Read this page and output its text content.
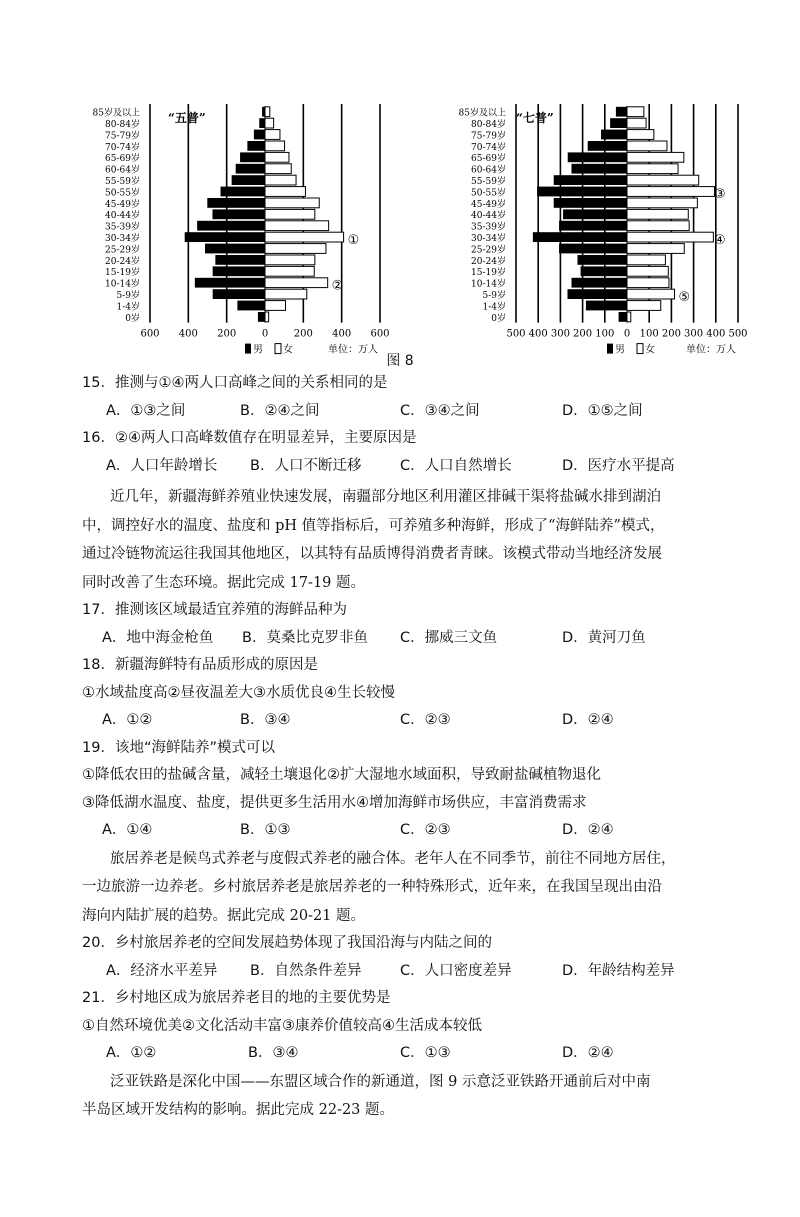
600 400 200	0	200 400 600
85岁及以上
80-84岁
75-79岁
70-74岁
65-69岁
60-64岁
55-59岁
50-55岁
45-49岁
40-44岁
35-39岁
30-34岁
25-29岁
20-24岁
15-19岁
10-14岁
5-9岁
1-4岁
0岁
“五普”
①
②
男 女	单位：万人
500 400 300 200 100 0 100 200 300 400 500
85岁及以上
80-84岁
75-79岁
70-74岁
65-69岁
60-64岁
55-59岁
50-55岁
45-49岁
40-44岁
35-39岁
30-34岁
25-29岁
20-24岁
15-19岁
10-14岁
5-9岁
1-4岁
0岁
“七普”
③
④
⑤
男 女	单位：万人
图 8
15．推测与①④两人口高峰之间的关系相同的是
A．①③之间	B．②④之间	C．③④之间	D．①⑤之间
16．②④两人口高峰数值存在明显差异，主要原因是
A．人口年龄增长 B．人口不断迁移	C．人口自然增长	D．医疗水平提高
近几年，新疆海鲜养殖业快速发展，南疆部分地区利用灌区排碱干渠将盐碱水排到湖泊
中，调控好水的温度、盐度和 pH 值等指标后，可养殖多种海鲜，形成了“海鲜陆养”模式，
通过冷链物流运往我国其他地区，以其特有品质博得消费者青睐。该模式带动当地经济发展
同时改善了生态环境。据此完成 17-19 题。
17．推测该区域最适宜养殖的海鲜品种为
A．地中海金枪鱼 B．莫桑比克罗非鱼 C．挪威三文鱼	D．黄河刀鱼
18．新疆海鲜特有品质形成的原因是
①水域盐度高②昼夜温差大③水质优良④生长较慢
A．①②	B．③④	C．②③	D．②④
19．该地“海鲜陆养”模式可以
①降低农田的盐碱含量，减轻土壤退化②扩大湿地水域面积，导致耐盐碱植物退化
③降低湖水温度、盐度，提供更多生活用水④增加海鲜市场供应，丰富消费需求
A．①④	B．①③	C．②③	D．②④
旅居养老是候鸟式养老与度假式养老的融合体。老年人在不同季节，前往不同地方居住，
一边旅游一边养老。乡村旅居养老是旅居养老的一种特殊形式，近年来，在我国呈现出由沿
海向内陆扩展的趋势。据此完成 20-21 题。
20．乡村旅居养老的空间发展趋势体现了我国沿海与内陆之间的
A．经济水平差异 B．自然条件差异	C．人口密度差异	D．年龄结构差异
21．乡村地区成为旅居养老目的地的主要优势是
①自然环境优美②文化活动丰富③康养价值较高④生活成本较低
A．①②	B．③④	C．①③	D．②④
泛亚铁路是深化中国——东盟区域合作的新通道，图 9 示意泛亚铁路开通前后对中南
半岛区域开发结构的影响。据此完成 22-23 题。
